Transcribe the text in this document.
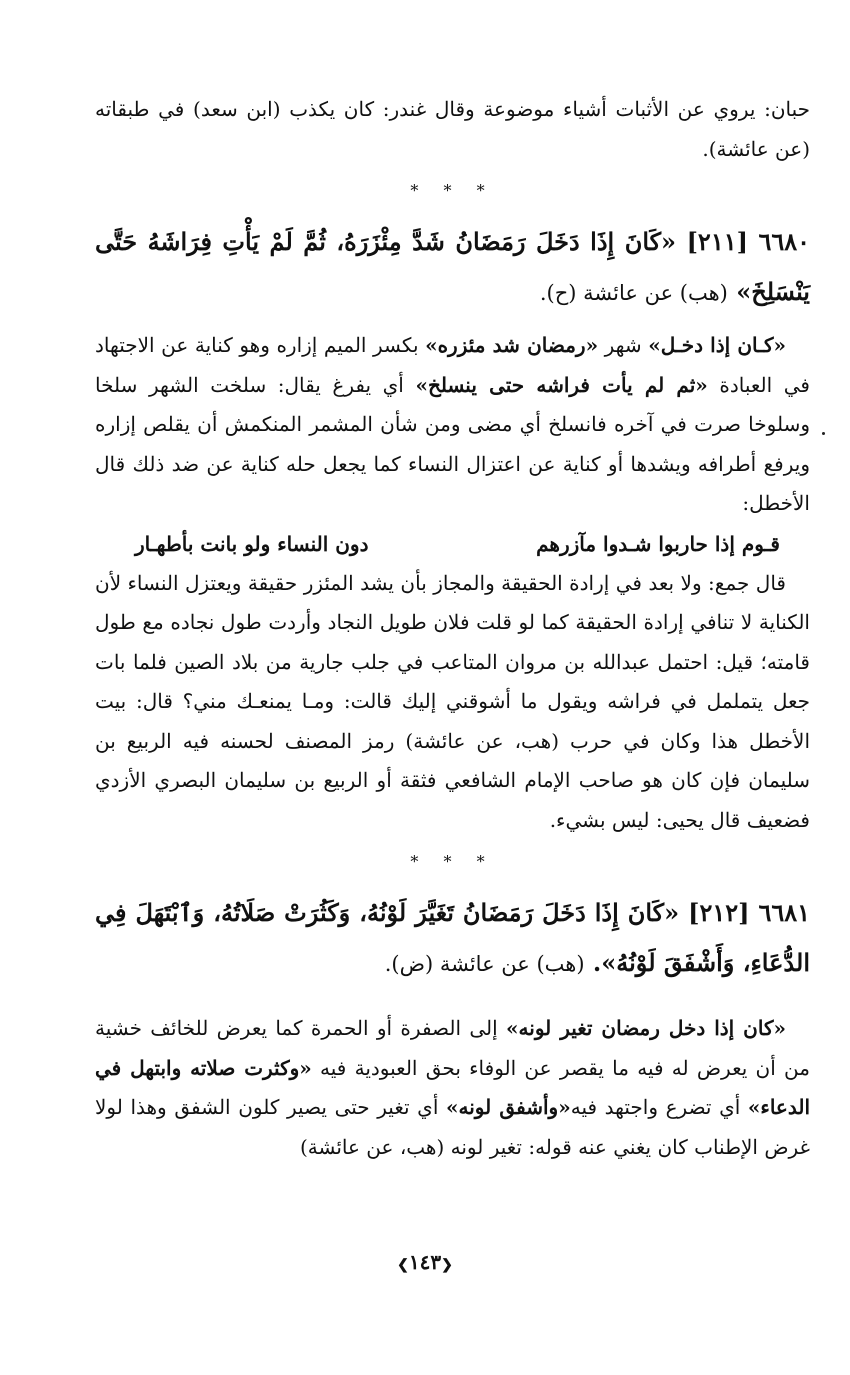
حبان: يروي عن الأثبات أشياء موضوعة وقال غندر: كان يكذب (ابن سعد) في طبقاته (عن عائشة).

* * *

٦٦٨٠ [٢١١] «كَانَ إِذَا دَخَلَ رَمَضَانُ شَدَّ مِئْزَرَهُ، ثُمَّ لَمْ يَأْتِ فِرَاشَهُ حَتَّى يَنْسَلِخَ» (هب) عن عائشة (ح).

«كـان إذا دخـل» شهر «رمضان شد مئزره» بكسر الميم إزاره وهو كناية عن الاجتهاد في العبادة «ثم لم يأت فراشه حتى ينسلخ» أي يفرغ يقال: سلخت الشهر سلخا وسلوخا صرت في آخره فانسلخ أي مضى ومن شأن المشمر المنكمش أن يقلص إزاره ويرفع أطرافه ويشدها أو كناية عن اعتزال النساء كما يجعل حله كناية عن ضد ذلك قال الأخطل:

قـوم إذا حاربوا شـدوا مآزرهم
دون النساء ولو بانت بأطهـار

قال جمع: ولا بعد في إرادة الحقيقة والمجاز بأن يشد المئزر حقيقة ويعتزل النساء لأن الكناية لا تنافي إرادة الحقيقة كما لو قلت فلان طويل النجاد وأردت طول نجاده مع طول قامته؛ قيل: احتمل عبدالله بن مروان المتاعب في جلب جارية من بلاد الصين فلما بات جعل يتململ في فراشه ويقول ما أشوقني إليك قالت: ومـا يمنعـك مني؟ قال: بيت الأخطل هذا وكان في حرب (هب، عن عائشة) رمز المصنف لحسنه فيه الربيع بن سليمان فإن كان هو صاحب الإمام الشافعي فثقة أو الربيع بن سليمان البصري الأزدي فضعيف قال يحيى: ليس بشيء.

* * *

٦٦٨١ [٢١٢] «كَانَ إِذَا دَخَلَ رَمَضَانُ تَغَيَّرَ لَوْنُهُ، وَكَثُرَتْ صَلَاتُهُ، وَٱبْتَهَلَ فِي الدُّعَاءِ، وَأَشْفَقَ لَوْنُهُ». (هب) عن عائشة (ض).

«كان إذا دخل رمضان تغير لونه» إلى الصفرة أو الحمرة كما يعرض للخائف خشية من أن يعرض له فيه ما يقصر عن الوفاء بحق العبودية فيه «وكثرت صلاته وابتهل في الدعاء» أي تضرع واجتهد فيه«وأشفق لونه» أي تغير حتى يصير كلون الشفق وهذا لولا غرض الإطناب كان يغني عنه قوله: تغير لونه (هب، عن عائشة)

❮١٤٣❯
